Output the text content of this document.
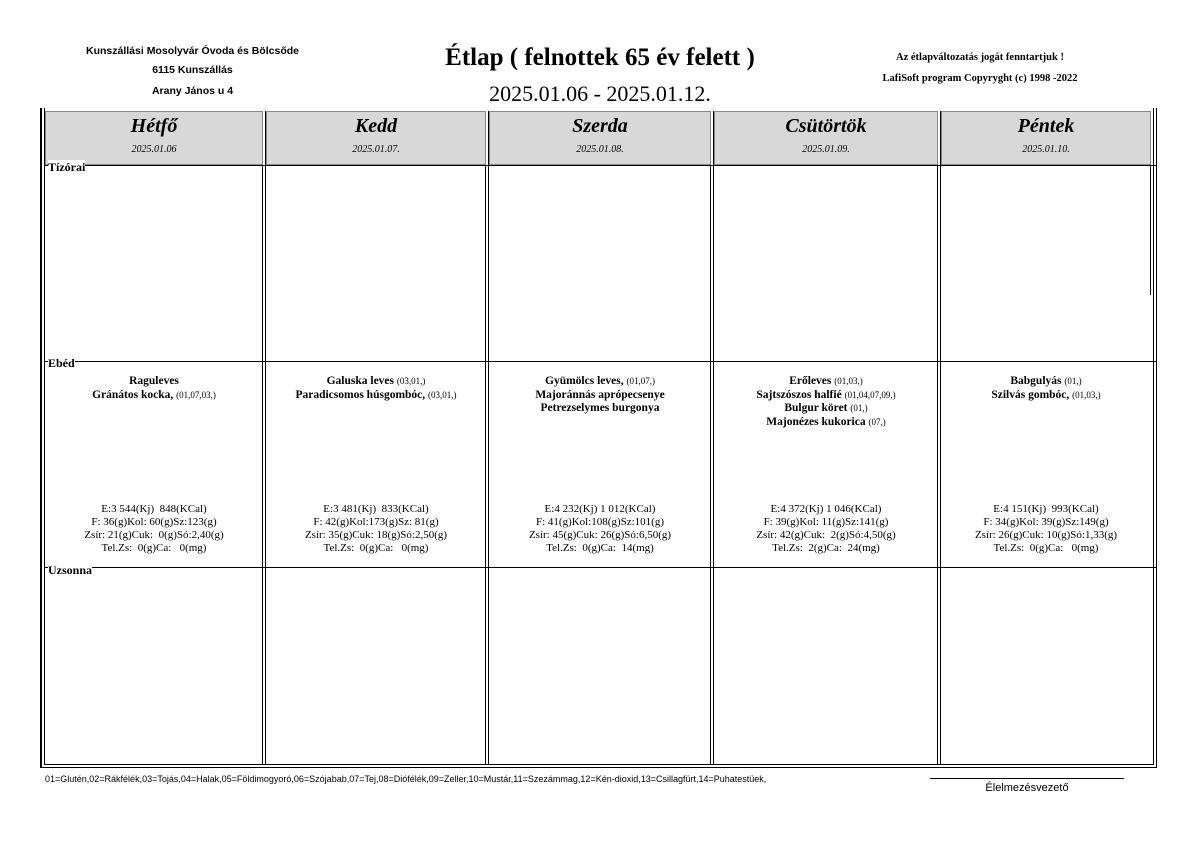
Kunszállási Mosolyvár Óvoda és Bölcsőde
6115 Kunszállás
Arany János u 4
Étlap ( felnottek 65 év felett )
2025.01.06 - 2025.01.12.
Az étlapváltozatás jogát fenntartjuk !
LafiSoft program Copyryght (c) 1998 -2022
Hétfő
2025.01.06
Kedd
2025.01.07.
Szerda
2025.01.08.
Csütörtök
2025.01.09.
Péntek
2025.01.10.
Tízórai
Ebéd
Uzsonna
Raguleves
Gránátos kocka, (01,07,03,)
Galuska leves (03,01,)
Paradicsomos húsgombóc, (03,01,)
Gyümölcs leves, (01,07,)
Majoránnás aprópecsenye
Petrezselymes burgonya
Erőleves (01,03,)
Sajtszószos halfié (01,04,07,09,)
Bulgur köret (01,)
Majonézes kukorica (07,)
Babgulyás (01,)
Szilvás gombóc, (01,03,)
E:3 544(Kj)  848(KCal)
F: 36(g)Kol: 60(g)Sz:123(g)
Zsír: 21(g)Cuk:  0(g)Só:2,40(g)
Tel.Zs:  0(g)Ca:   0(mg)
E:3 481(Kj)  833(KCal)
F: 42(g)Kol:173(g)Sz: 81(g)
Zsír: 35(g)Cuk: 18(g)Só:2,50(g)
Tel.Zs:  0(g)Ca:   0(mg)
E:4 232(Kj) 1 012(KCal)
F: 41(g)Kol:108(g)Sz:101(g)
Zsír: 45(g)Cuk: 26(g)Só:6,50(g)
Tel.Zs:  0(g)Ca:  14(mg)
E:4 372(Kj) 1 046(KCal)
F: 39(g)Kol: 11(g)Sz:141(g)
Zsír: 42(g)Cuk:  2(g)Só:4,50(g)
Tel.Zs:  2(g)Ca:  24(mg)
E:4 151(Kj)  993(KCal)
F: 34(g)Kol: 39(g)Sz:149(g)
Zsír: 26(g)Cuk: 10(g)Só:1,33(g)
Tel.Zs:  0(g)Ca:   0(mg)
01=Glutén,02=Rákfélék,03=Tojás,04=Halak,05=Földimogyoró,06=Szójabab,07=Tej,08=Diófélék,09=Zeller,10=Mustár,11=Szezámmag,12=Kén-dioxid,13=Csillagfürt,14=Puhatestüek,
Élelmezésvezető
